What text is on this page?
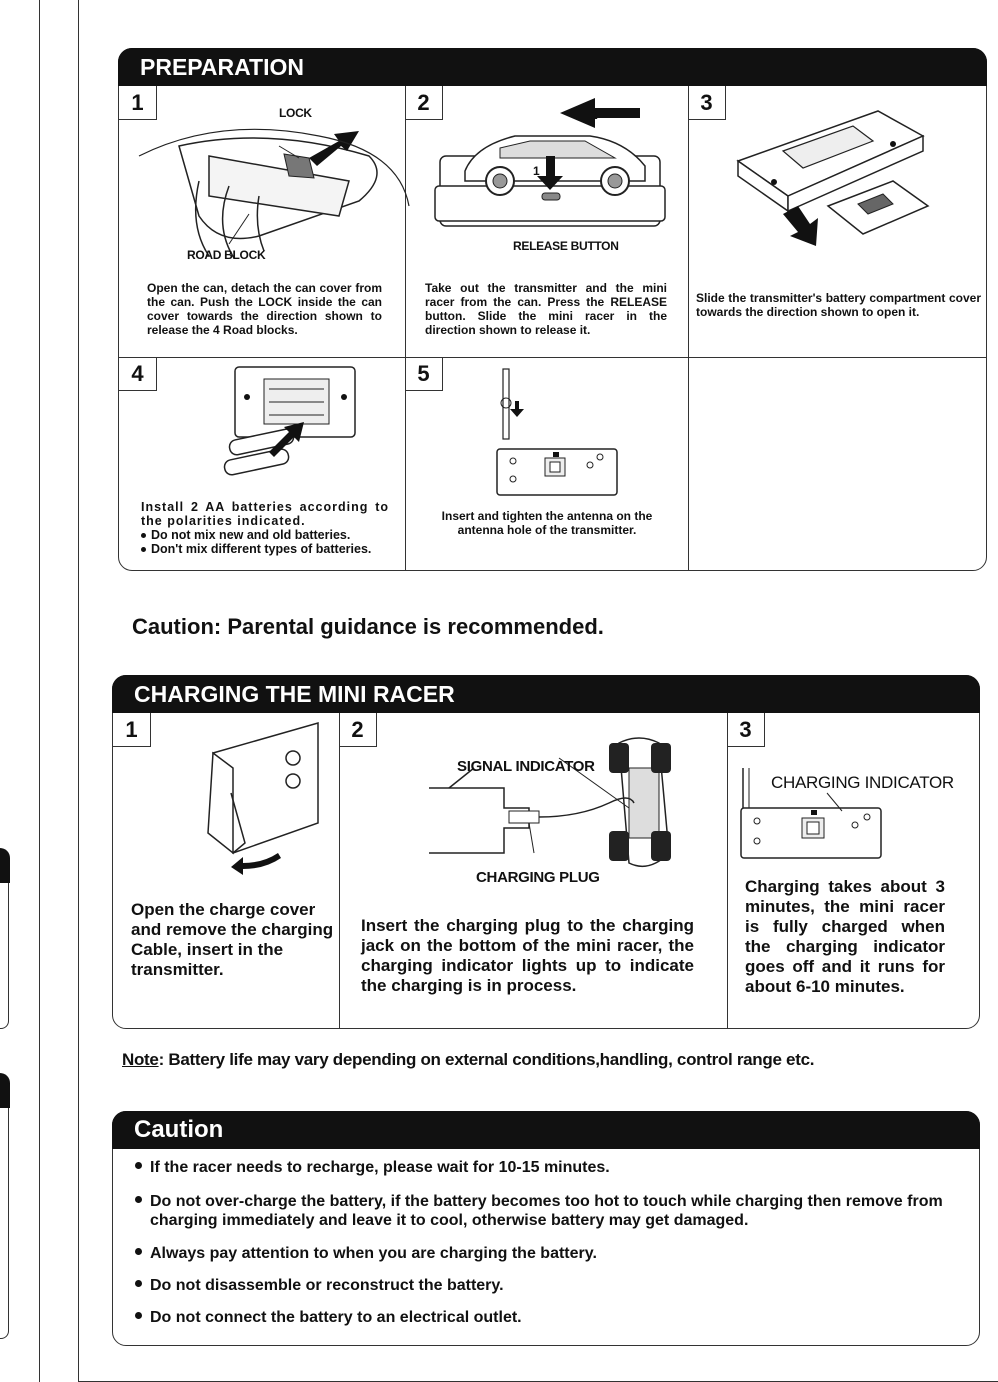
PREPARATION
1	LOCK
ROAD BLOCK
Open the can, detach the can cover from the can. Push the LOCK inside the can cover towards the direction shown to release the 4 Road blocks.
2	2
1
RELEASE BUTTON
Take out the transmitter and the mini racer from the can. Press the RELEASE button. Slide the mini racer in the direction shown to release it.
3
Slide the transmitter's battery compartment cover towards the direction shown to open it.
4
Install 2 AA batteries according to the polarities indicated.
Do not mix new and old batteries.
Don't mix different types of batteries.
5
Insert and tighten the antenna on the antenna hole of the transmitter.
Caution: Parental guidance is recommended.
CHARGING THE MINI RACER
1
Open the charge cover and remove the charging Cable, insert in the transmitter.
2
SIGNAL INDICATOR
CHARGING PLUG
Insert the charging plug to the charging jack on the bottom of the mini racer, the charging indicator lights up to indicate the charging is in process.
3
CHARGING INDICATOR
Charging takes about 3 minutes, the mini racer is fully charged when the charging indicator goes off and it runs for about 6-10 minutes.
Note: Battery life may vary depending on external conditions,handling, control range etc.
Caution
If the racer needs to recharge, please wait for 10-15 minutes.
Do not over-charge the battery, if the battery becomes too hot to touch while charging then remove from charging immediately and leave it to cool, otherwise battery may get damaged.
Always pay attention to when you are charging the battery.
Do not disassemble or reconstruct the battery.
Do not connect the battery to an electrical outlet.
